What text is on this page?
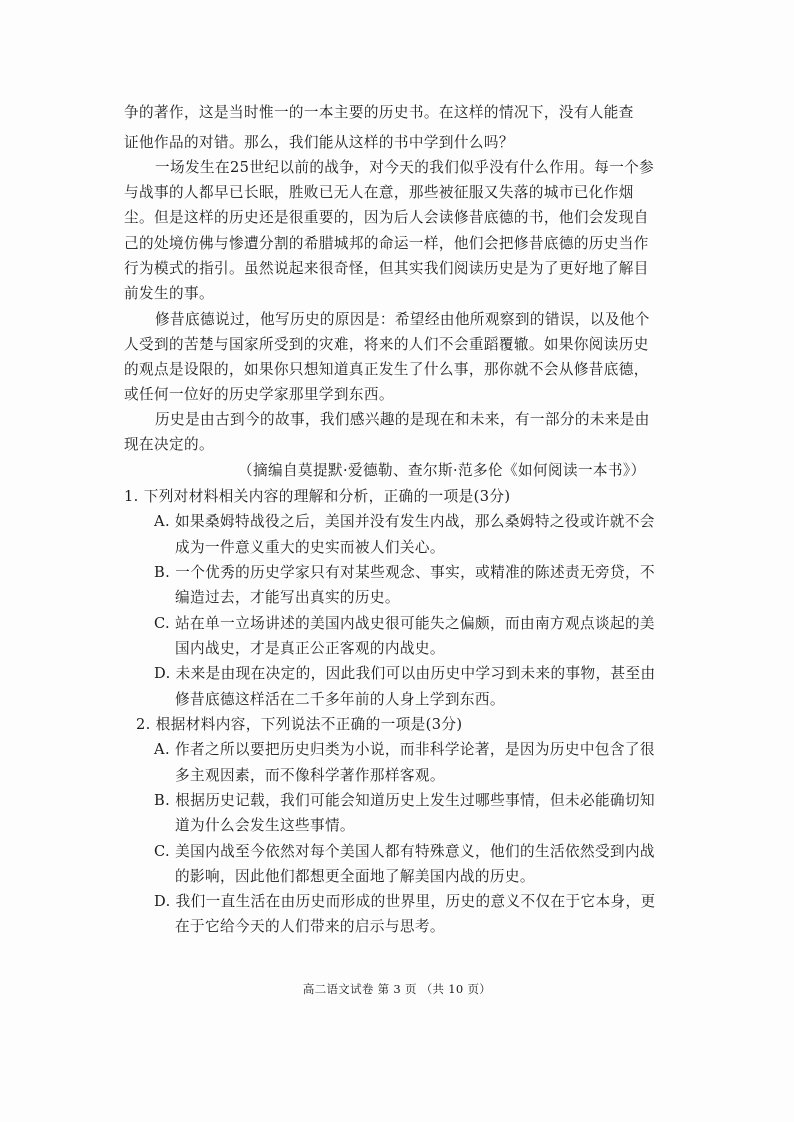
争的著作，这是当时惟一的一本主要的历史书。在这样的情况下，没有人能查
证他作品的对错。那么，我们能从这样的书中学到什么吗？
一场发生在25世纪以前的战争，对今天的我们似乎没有什么作用。每一个参
与战事的人都早已长眠，胜败已无人在意，那些被征服又失落的城市已化作烟
尘。但是这样的历史还是很重要的，因为后人会读修昔底德的书，他们会发现自
己的处境仿佛与惨遭分割的希腊城邦的命运一样，他们会把修昔底德的历史当作
行为模式的指引。虽然说起来很奇怪，但其实我们阅读历史是为了更好地了解目
前发生的事。
修昔底德说过，他写历史的原因是：希望经由他所观察到的错误，以及他个
人受到的苦楚与国家所受到的灾难，将来的人们不会重蹈覆辙。如果你阅读历史
的观点是设限的，如果你只想知道真正发生了什么事，那你就不会从修昔底德，
或任何一位好的历史学家那里学到东西。
历史是由古到今的故事，我们感兴趣的是现在和未来，有一部分的未来是由
现在决定的。
（摘编自莫提默·爱德勒、查尔斯·范多伦《如何阅读一本书》）
1. 下列对材料相关内容的理解和分析，正确的一项是(3分)
A. 如果桑姆特战役之后，美国并没有发生内战，那么桑姆特之役或许就不会
成为一件意义重大的史实而被人们关心。
B. 一个优秀的历史学家只有对某些观念、事实，或精准的陈述责无旁贷，不
编造过去，才能写出真实的历史。
C. 站在单一立场讲述的美国内战史很可能失之偏颇，而由南方观点谈起的美
国内战史，才是真正公正客观的内战史。
D. 未来是由现在决定的，因此我们可以由历史中学习到未来的事物，甚至由
修昔底德这样活在二千多年前的人身上学到东西。
2. 根据材料内容，下列说法不正确的一项是(3分)
A. 作者之所以要把历史归类为小说，而非科学论著，是因为历史中包含了很
多主观因素，而不像科学著作那样客观。
B. 根据历史记载，我们可能会知道历史上发生过哪些事情，但未必能确切知
道为什么会发生这些事情。
C. 美国内战至今依然对每个美国人都有特殊意义，他们的生活依然受到内战
的影响，因此他们都想更全面地了解美国内战的历史。
D. 我们一直生活在由历史而形成的世界里，历史的意义不仅在于它本身，更
在于它给今天的人们带来的启示与思考。
高二语文试卷 第 3 页 （共 10 页）
